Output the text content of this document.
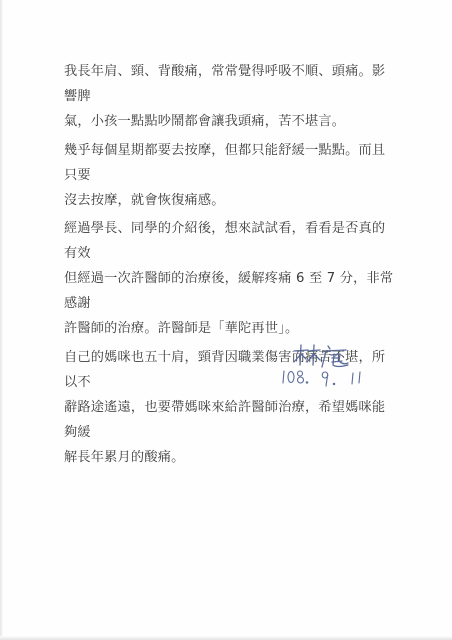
我長年肩、頸、背酸痛，常常覺得呼吸不順、頭痛。影響脾
氣，小孩一點點吵鬧都會讓我頭痛，苦不堪言。

幾乎每個星期都要去按摩，但都只能舒緩一點點。而且只要
沒去按摩，就會恢復痛感。

經過學長、同學的介紹後，想來試試看，看看是否真的有效
但經過一次許醫師的治療後，緩解疼痛 6 至 7 分，非常感謝
許醫師的治療。許醫師是「華陀再世」。

自己的媽咪也五十肩，頸背因職業傷害而痛苦不堪，所以不
辭路途遙遠，也要帶媽咪來給許醫師治療，希望媽咪能夠緩
解長年累月的酸痛。
